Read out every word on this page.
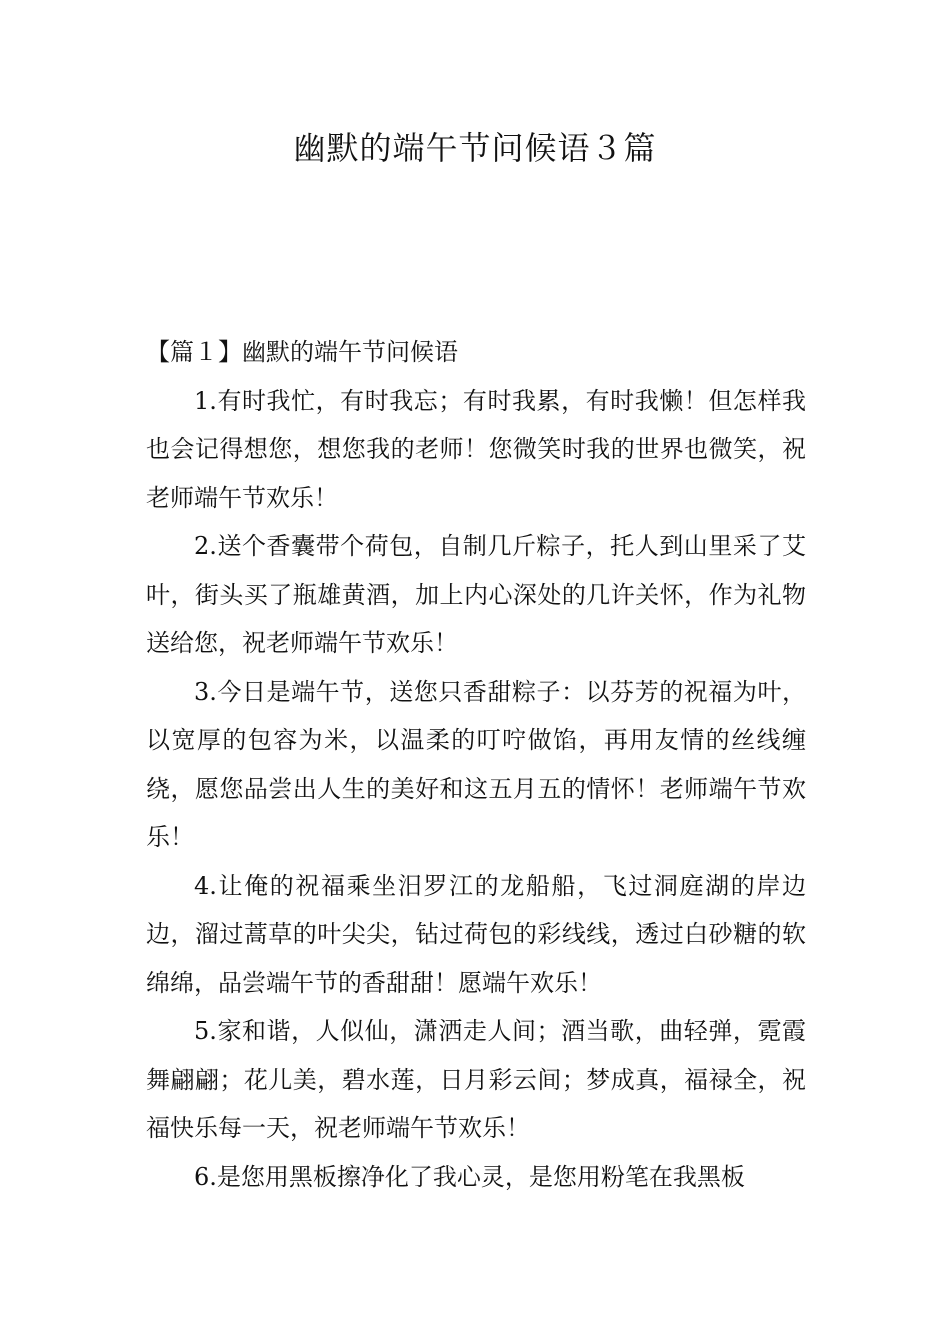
幽默的端午节问候语３篇

【篇１】幽默的端午节问候语

1.有时我忙，有时我忘；有时我累，有时我懒！但怎样我也会记得想您，想您我的老师！您微笑时我的世界也微笑，祝老师端午节欢乐！

2.送个香囊带个荷包，自制几斤粽子，托人到山里采了艾叶，街头买了瓶雄黄酒，加上内心深处的几许关怀，作为礼物送给您，祝老师端午节欢乐！

3.今日是端午节，送您只香甜粽子：以芬芳的祝福为叶，以宽厚的包容为米，以温柔的叮咛做馅，再用友情的丝线缠绕，愿您品尝出人生的美好和这五月五的情怀！老师端午节欢乐！

4.让俺的祝福乘坐汨罗江的龙船船，飞过洞庭湖的岸边边，溜过蒿草的叶尖尖，钻过荷包的彩线线，透过白砂糖的软绵绵，品尝端午节的香甜甜！愿端午欢乐！

5.家和谐，人似仙，潇洒走人间；酒当歌，曲轻弹，霓霞舞翩翩；花儿美，碧水莲，日月彩云间；梦成真，福禄全，祝福快乐每一天，祝老师端午节欢乐！

6.是您用黑板擦净化了我心灵，是您用粉笔在我黑板
